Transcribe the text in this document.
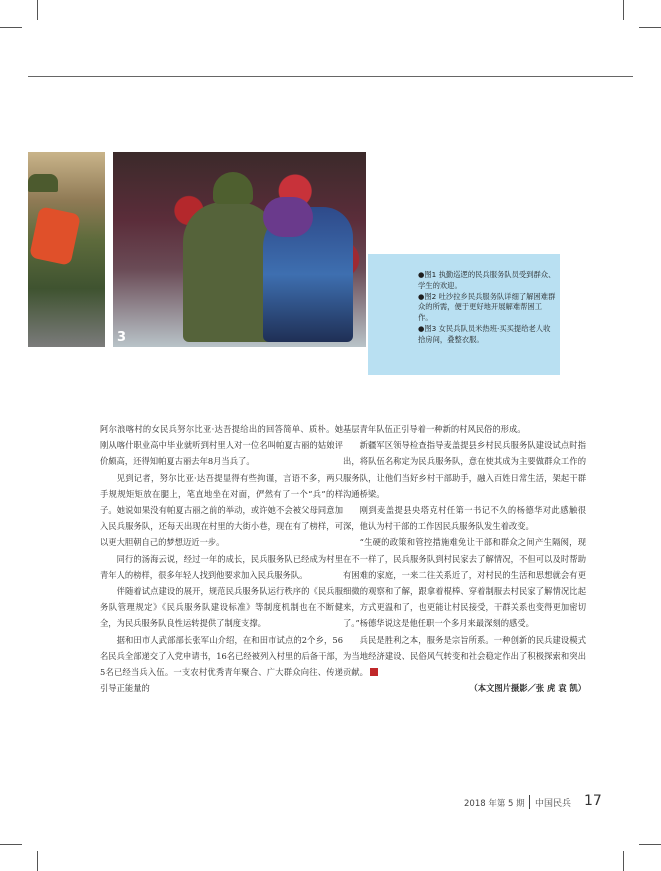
3

●图1 执勤巡逻的民兵服务队员受到群众、学生的欢迎。

●图2 吐沙拉乡民兵服务队详细了解困难群众的所需，便于更好地开展解难帮困工作。

●图3 女民兵队员米热班·买买提给老人收拾房间，叠整衣服。

阿尔浪喀村的女民兵努尔比亚·达吾提给出的回答简单、质朴。她刚从喀什职业高中毕业就听到村里人对一位名叫帕夏古丽的姑娘评价颇高，还得知帕夏古丽去年8月当兵了。

见到记者，努尔比亚·达吾提显得有些拘谨，言语不多，两只手规规矩矩放在腿上，笔直地坐在对面，俨然有了一个“兵”的样子。她说如果没有帕夏古丽之前的举动，或许她不会被父母同意加入民兵服务队，还每天出现在村里的大街小巷，现在有了榜样，可以更大胆朝自己的梦想迈近一步。

同行的汤海云说，经过一年的成长，民兵服务队已经成为村里青年人的榜样，很多年轻人找到他要求加入民兵服务队。

伴随着试点建设的展开，规范民兵服务队运行秩序的《民兵服务队管理规定》《民兵服务队建设标准》等制度机制也在不断健全，为民兵服务队良性运转提供了制度支撑。

据和田市人武部部长张军山介绍，在和田市试点的2个乡，56名民兵全部递交了入党申请书，16名已经被列入村里的后备干部，5名已经当兵入伍。一支农村优秀青年聚合、广大群众向往、传递引导正能量的

基层青年队伍正引导着一种新的村风民俗的形成。

新疆军区领导检查指导麦盖提县乡村民兵服务队建设试点时指出，将队伍名称定为民兵服务队，意在使其成为主要做群众工作的服务队，让他们当好乡村干部助手，融入百姓日常生活，架起干群沟通桥梁。

刚到麦盖提县央塔克村任第一书记不久的杨德华对此感触很深，他认为村干部的工作因民兵服务队发生着改变。

“生硬的政策和管控措施难免让干部和群众之间产生隔阂，现在不一样了，民兵服务队到村民家去了解情况，不但可以及时帮助有困难的家庭，一来二往关系近了，对村民的生活和思想就会有更细微的观察和了解，跟拿着棍棒、穿着制服去村民家了解情况比起来，方式更温和了，也更能让村民接受，干群关系也变得更加密切了。”杨德华说这是他任职一个多月来最深刻的感受。

兵民是胜利之本，服务是宗旨所系。一种创新的民兵建设模式为当地经济建设、民俗风气转变和社会稳定作出了积极探索和突出贡献。

（本文图片摄影／张 虎 袁 凯）
2018 年第 5 期 中国民兵 17
